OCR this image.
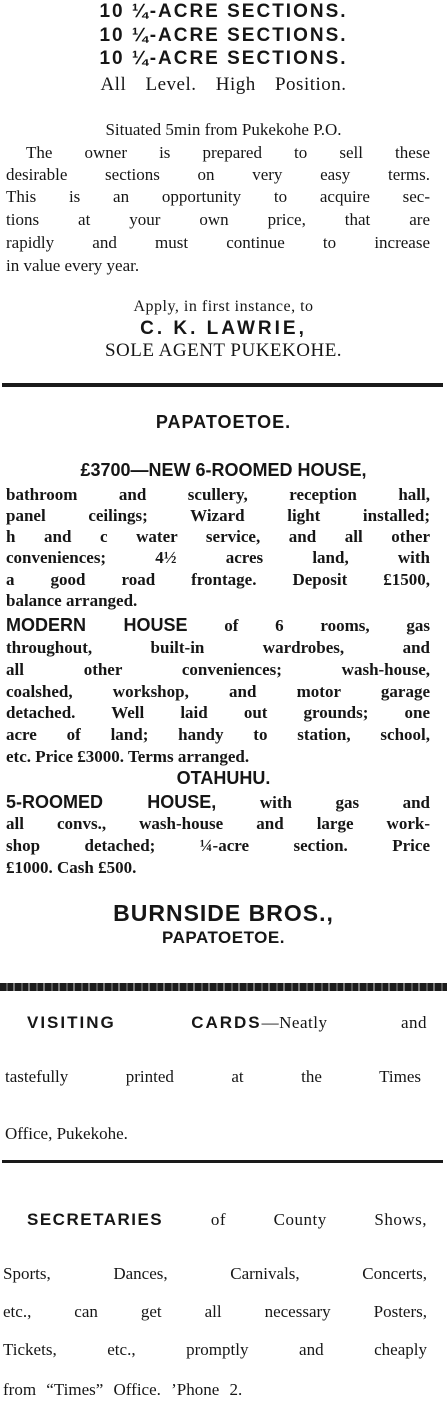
10 ¼-ACRE SECTIONS.
10 ¼-ACRE SECTIONS.
10 ¼-ACRE SECTIONS.
All Level. High Position.
Situated 5min from Pukekohe P.O.
The owner is prepared to sell these
desirable sections on very easy terms.
This is an opportunity to acquire sec-
tions at your own price, that are
rapidly and must continue to increase
in value every year.
Apply, in first instance, to
C. K. LAWRIE,
SOLE AGENT PUKEKOHE.
PAPATOETOE.
£3700—NEW 6-ROOMED HOUSE,
bathroom and scullery, reception hall,
panel ceilings; Wizard light installed;
h and c water service, and all other
conveniences; 4½ acres land, with
a good road frontage. Deposit £1500,
balance arranged.
MODERN HOUSE of 6 rooms, gas
throughout, built-in wardrobes, and
all other conveniences; wash-house,
coalshed, workshop, and motor garage
detached. Well laid out grounds; one
acre of land; handy to station, school,
etc. Price £3000. Terms arranged.
OTAHUHU.
5-ROOMED HOUSE, with gas and
all convs., wash-house and large work-
shop detached; ¼-acre section. Price
£1000. Cash £500.
BURNSIDE BROS.,
PAPATOETOE.
VISITING CARDS—Neatly and
tastefully printed at the Times
Office, Pukekohe.
SECRETARIES of County Shows,
Sports, Dances, Carnivals, Concerts,
etc., can get all necessary Posters,
Tickets, etc., promptly and cheaply
from “Times” Office. ’Phone 2.
